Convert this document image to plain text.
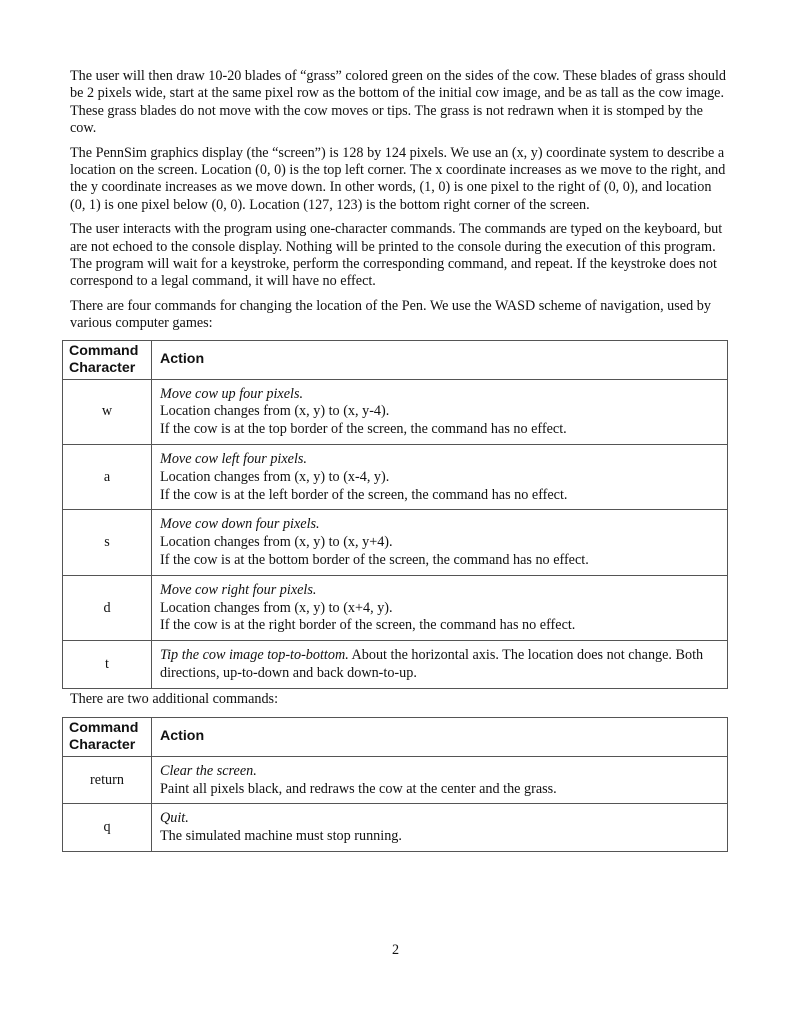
The user will then draw 10-20 blades of “grass” colored green on the sides of the cow. These blades of grass should be 2 pixels wide, start at the same pixel row as the bottom of the initial cow image, and be as tall as the cow image. These grass blades do not move with the cow moves or tips. The grass is not redrawn when it is stomped by the cow.

The PennSim graphics display (the “screen”) is 128 by 124 pixels. We use an (x, y) coordinate system to describe a location on the screen. Location (0, 0) is the top left corner. The x coordinate increases as we move to the right, and the y coordinate increases as we move down. In other words, (1, 0) is one pixel to the right of (0, 0), and location (0, 1) is one pixel below (0, 0). Location (127, 123) is the bottom right corner of the screen.

The user interacts with the program using one-character commands. The commands are typed on the keyboard, but are not echoed to the console display. Nothing will be printed to the console during the execution of this program. The program will wait for a keystroke, perform the corresponding command, and repeat. If the keystroke does not correspond to a legal command, it will have no effect.

There are four commands for changing the location of the Pen. We use the WASD scheme of navigation, used by various computer games:

Command
Character	Action
w	Move cow up four pixels.
Location changes from (x, y) to (x, y-4).
If the cow is at the top border of the screen, the command has no effect.

a	Move cow left four pixels.
Location changes from (x, y) to (x-4, y).
If the cow is at the left border of the screen, the command has no effect.

s	Move cow down four pixels.
Location changes from (x, y) to (x, y+4).
If the cow is at the bottom border of the screen, the command has no effect.

d	Move cow right four pixels.
Location changes from (x, y) to (x+4, y).
If the cow is at the right border of the screen, the command has no effect.

t	Tip the cow image top-to-bottom. About the horizontal axis. The location does not change. Both directions, up-to-down and back down-to-up.
There are two additional commands:
Command
Character	Action
return	Clear the screen.
Paint all pixels black, and redraws the cow at the center and the grass.

q	Quit.
The simulated machine must stop running.
2
